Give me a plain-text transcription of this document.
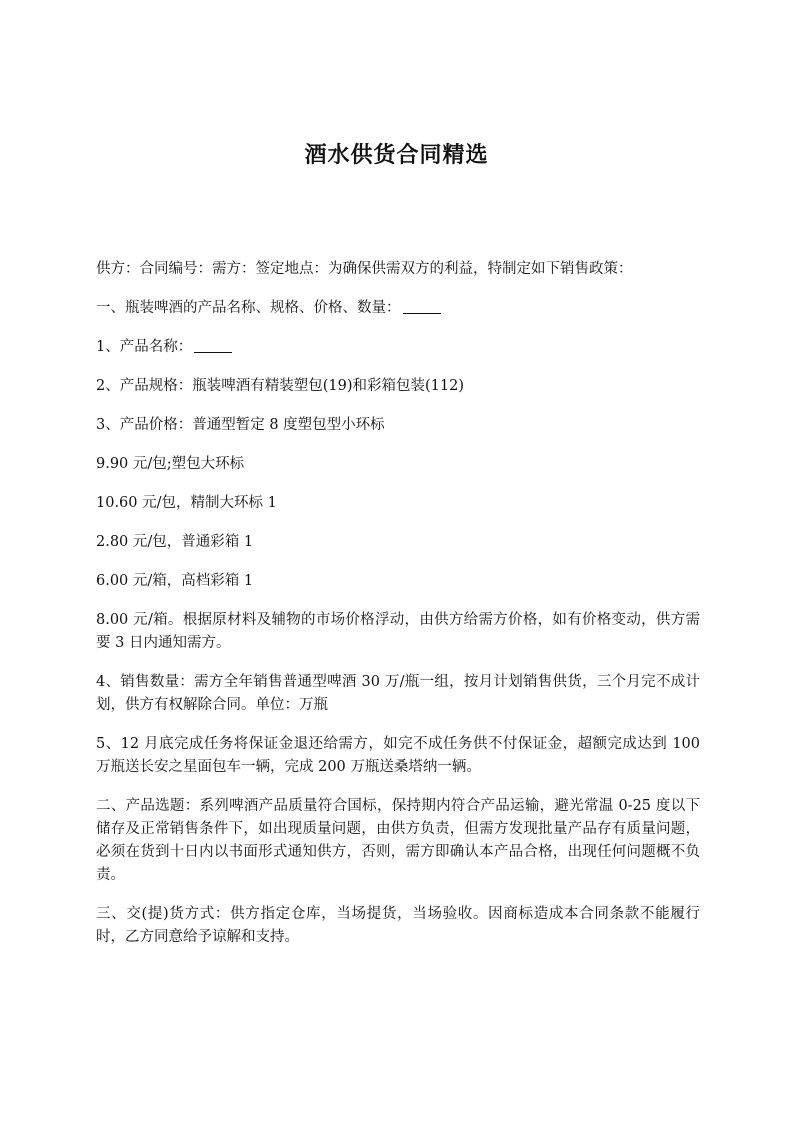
酒水供货合同精选

供方：合同编号：需方：签定地点：为确保供需双方的利益，特制定如下销售政策：

一、瓶装啤酒的产品名称、规格、价格、数量：

1、产品名称：

2、产品规格：瓶装啤酒有精装塑包(19)和彩箱包装(112)

3、产品价格：普通型暂定 8 度塑包型小环标

9.90 元/包;塑包大环标

10.60 元/包，精制大环标 1

2.80 元/包，普通彩箱 1

6.00 元/箱，高档彩箱 1

8.00 元/箱。根据原材料及辅物的市场价格浮动，由供方给需方价格，如有价格变动，供方需要 3 日内通知需方。

4、销售数量：需方全年销售普通型啤酒 30 万/瓶一组，按月计划销售供货，三个月完不成计划，供方有权解除合同。单位：万瓶

5、12 月底完成任务将保证金退还给需方，如完不成任务供不付保证金，超额完成达到 100 万瓶送长安之星面包车一辆，完成 200 万瓶送桑塔纳一辆。

二、产品选题：系列啤酒产品质量符合国标，保持期内符合产品运输，避光常温 0-25 度以下储存及正常销售条件下，如出现质量问题，由供方负责，但需方发现批量产品存有质量问题，必须在货到十日内以书面形式通知供方，否则，需方即确认本产品合格，出现任何问题概不负责。

三、交(提)货方式：供方指定仓库，当场提货，当场验收。因商标造成本合同条款不能履行时，乙方同意给予谅解和支持。
